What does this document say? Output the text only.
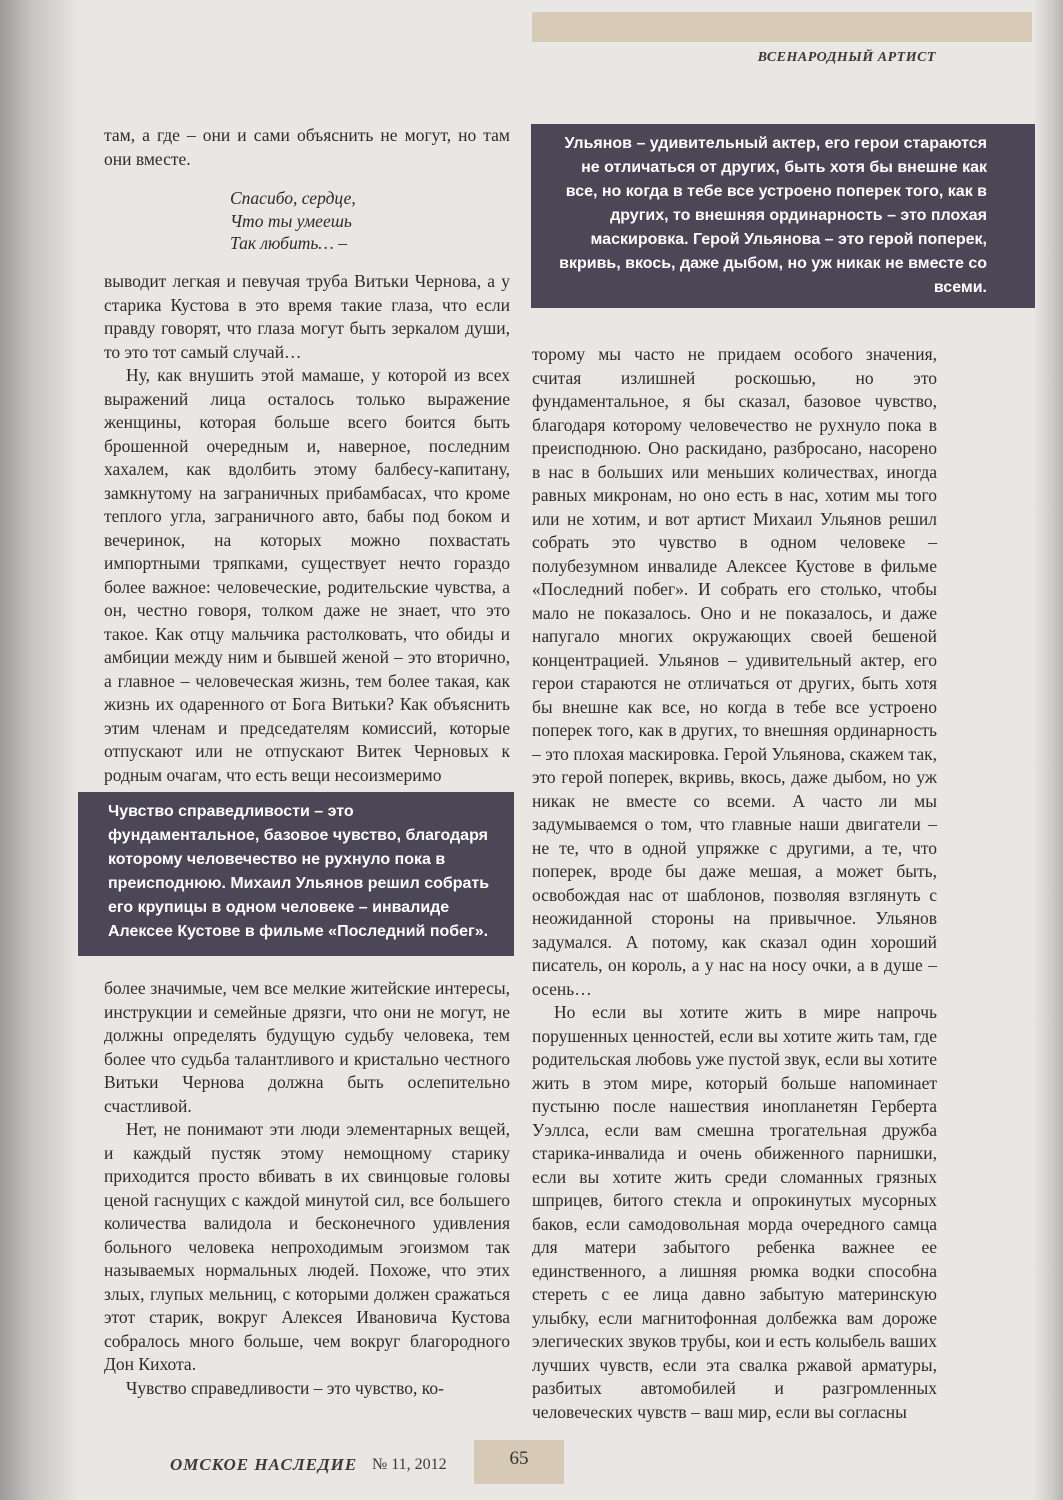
ВСЕНАРОДНЫЙ АРТИСТ

там, а где – они и сами объяснить не могут, но там они вместе.

Спасибо, сердце,
Что ты умеешь
Так любить… –

выводит легкая и певучая труба Витьки Чернова, а у старика Кустова в это время такие глаза, что если правду говорят, что глаза могут быть зеркалом души, то это тот самый случай…

Ну, как внушить этой мамаше, у которой из всех выражений лица осталось только выражение женщины, которая больше всего боится быть брошенной очередным и, наверное, последним хахалем, как вдолбить этому балбесу-капитану, замкнутому на заграничных прибамбасах, что кроме теплого угла, заграничного авто, бабы под боком и вечеринок, на которых можно похвастать импортными тряпками, существует нечто гораздо более важное: человеческие, родительские чувства, а он, честно говоря, толком даже не знает, что это такое. Как отцу мальчика растолковать, что обиды и амбиции между ним и бывшей женой – это вторично, а главное – человеческая жизнь, тем более такая, как жизнь их одаренного от Бога Витьки? Как объяснить этим членам и председателям комиссий, которые отпускают или не отпускают Витек Черновых к родным очагам, что есть вещи несоизмеримо

Чувство справедливости – это фундаментальное, базовое чувство, благодаря которому человечество не рухнуло пока в преисподнюю. Михаил Ульянов решил собрать его крупицы в одном человеке – инвалиде Алексее Кустове в фильме «Последний побег».

более значимые, чем все мелкие житейские интересы, инструкции и семейные дрязги, что они не могут, не должны определять будущую судьбу человека, тем более что судьба талантливого и кристально честного Витьки Чернова должна быть ослепительно счастливой.

Нет, не понимают эти люди элементарных вещей, и каждый пустяк этому немощному старику приходится просто вбивать в их свинцовые головы ценой гаснущих с каждой минутой сил, все большего количества валидола и бесконечного удивления больного человека непроходимым эгоизмом так называемых нормальных людей. Похоже, что этих злых, глупых мельниц, с которыми должен сражаться этот старик, вокруг Алексея Ивановича Кустова собралось много больше, чем вокруг благородного Дон Кихота.

Чувство справедливости – это чувство, ко-

Ульянов – удивительный актер, его герои стараются не отличаться от других, быть хотя бы внешне как все, но когда в тебе все устроено поперек того, как в других, то внешняя ординарность – это плохая маскировка. Герой Ульянова – это герой поперек, вкривь, вкось, даже дыбом, но уж никак не вместе со всеми.

торому мы часто не придаем особого значения, считая излишней роскошью, но это фундаментальное, я бы сказал, базовое чувство, благодаря которому человечество не рухнуло пока в преисподнюю. Оно раскидано, разбросано, насорено в нас в больших или меньших количествах, иногда равных микронам, но оно есть в нас, хотим мы того или не хотим, и вот артист Михаил Ульянов решил собрать это чувство в одном человеке – полубезумном инвалиде Алексее Кустове в фильме «Последний побег». И собрать его столько, чтобы мало не показалось. Оно и не показалось, и даже напугало многих окружающих своей бешеной концентрацией. Ульянов – удивительный актер, его герои стараются не отличаться от других, быть хотя бы внешне как все, но когда в тебе все устроено поперек того, как в других, то внешняя ординарность – это плохая маскировка. Герой Ульянова, скажем так, это герой поперек, вкривь, вкось, даже дыбом, но уж никак не вместе со всеми. А часто ли мы задумываемся о том, что главные наши двигатели – не те, что в одной упряжке с другими, а те, что поперек, вроде бы даже мешая, а может быть, освобождая нас от шаблонов, позволяя взглянуть с неожиданной стороны на привычное. Ульянов задумался. А потому, как сказал один хороший писатель, он король, а у нас на носу очки, а в душе – осень…

Но если вы хотите жить в мире напрочь порушенных ценностей, если вы хотите жить там, где родительская любовь уже пустой звук, если вы хотите жить в этом мире, который больше напоминает пустыню после нашествия инопланетян Герберта Уэллса, если вам смешна трогательная дружба старика-инвалида и очень обиженного парнишки, если вы хотите жить среди сломанных грязных шприцев, битого стекла и опрокинутых мусорных баков, если самодовольная морда очередного самца для матери забытого ребенка важнее ее единственного, а лишняя рюмка водки способна стереть с ее лица давно забытую материнскую улыбку, если магнитофонная долбежка вам дороже элегических звуков трубы, кои и есть колыбель ваших лучших чувств, если эта свалка ржавой арматуры, разбитых автомобилей и разгромленных человеческих чувств – ваш мир, если вы согласны

ОМСКОЕ НАСЛЕДИЕ № 11, 2012	65
